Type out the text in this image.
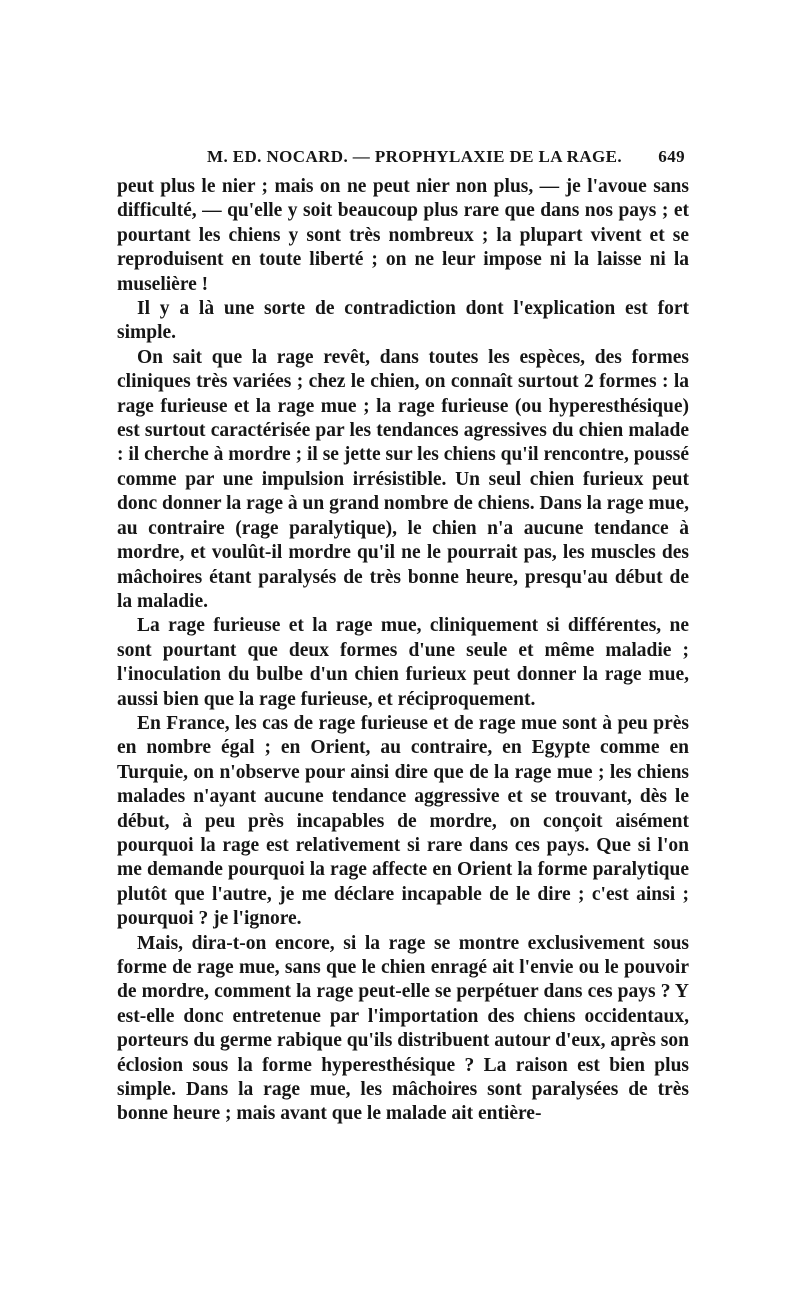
M. ED. NOCARD. — PROPHYLAXIE DE LA RAGE. 649

peut plus le nier ; mais on ne peut nier non plus, — je l'avoue sans difficulté, — qu'elle y soit beaucoup plus rare que dans nos pays ; et pourtant les chiens y sont très nombreux ; la plupart vivent et se reproduisent en toute liberté ; on ne leur impose ni la laisse ni la muselière !

Il y a là une sorte de contradiction dont l'explication est fort simple.

On sait que la rage revêt, dans toutes les espèces, des formes cliniques très variées ; chez le chien, on connaît surtout 2 formes : la rage furieuse et la rage mue ; la rage furieuse (ou hyperesthésique) est surtout caractérisée par les tendances agressives du chien malade : il cherche à mordre ; il se jette sur les chiens qu'il rencontre, poussé comme par une impulsion irrésistible. Un seul chien furieux peut donc donner la rage à un grand nombre de chiens. Dans la rage mue, au contraire (rage paralytique), le chien n'a aucune tendance à mordre, et voulût-il mordre qu'il ne le pourrait pas, les muscles des mâchoires étant paralysés de très bonne heure, presqu'au début de la maladie.

La rage furieuse et la rage mue, cliniquement si différentes, ne sont pourtant que deux formes d'une seule et même maladie ; l'inoculation du bulbe d'un chien furieux peut donner la rage mue, aussi bien que la rage furieuse, et réciproquement.

En France, les cas de rage furieuse et de rage mue sont à peu près en nombre égal ; en Orient, au contraire, en Egypte comme en Turquie, on n'observe pour ainsi dire que de la rage mue ; les chiens malades n'ayant aucune tendance aggressive et se trouvant, dès le début, à peu près incapables de mordre, on conçoit aisément pourquoi la rage est relativement si rare dans ces pays. Que si l'on me demande pourquoi la rage affecte en Orient la forme paralytique plutôt que l'autre, je me déclare incapable de le dire ; c'est ainsi ; pourquoi ? je l'ignore.

Mais, dira-t-on encore, si la rage se montre exclusivement sous forme de rage mue, sans que le chien enragé ait l'envie ou le pouvoir de mordre, comment la rage peut-elle se perpétuer dans ces pays ? Y est-elle donc entretenue par l'importation des chiens occidentaux, porteurs du germe rabique qu'ils distribuent autour d'eux, après son éclosion sous la forme hyperesthésique ? La raison est bien plus simple. Dans la rage mue, les mâchoires sont paralysées de très bonne heure ; mais avant que le malade ait entière-
